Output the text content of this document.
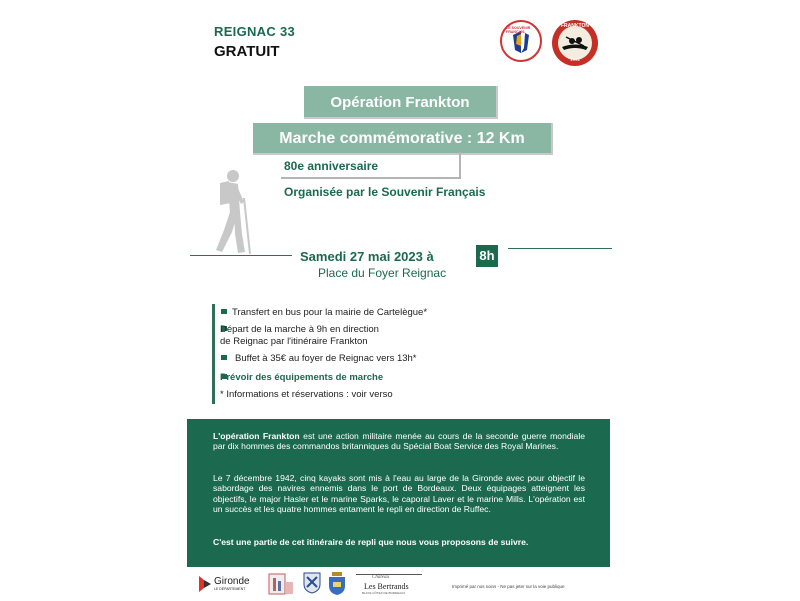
REIGNAC 33
GRATUIT
LE SOUVENIR FRANÇAIS
FRANKTON
1942
Opération Frankton
Marche commémorative : 12 Km
80e anniversaire
Organisée par le Souvenir Français
Samedi 27 mai 2023 à	8h
Place du Foyer Reignac
Transfert en bus pour la mairie de Cartelègue*
Départ de la marche à 9h en direction
de Reignac par l'itinéraire Frankton
Buffet à 35€ au foyer de Reignac vers 13h*
Prévoir des équipements de marche
* Informations et réservations : voir verso

L'opération Frankton est une action militaire menée au cours de la seconde guerre mondiale par dix hommes des commandos britanniques du Spécial Boat Service des Royal Marines.

Le 7 décembre 1942, cinq kayaks sont mis à l'eau au large de la Gironde avec pour objectif le sabordage des navires ennemis dans le port de Bordeaux. Deux équipages atteignent les objectifs, le major Hasler et le marine Sparks, le caporal Laver et le marine Mills. L'opération est un succès et les quatre hommes entament le repli en direction de Ruffec.

C'est une partie de cet itinéraire de repli que nous vous proposons de suivre.

Gironde
LE DÉPARTEMENT
Château
Les Bertrands
BLAYE CÔTES DE BORDEAUX
Imprimé par nos soins - Ne pas jeter sur la voie publique
